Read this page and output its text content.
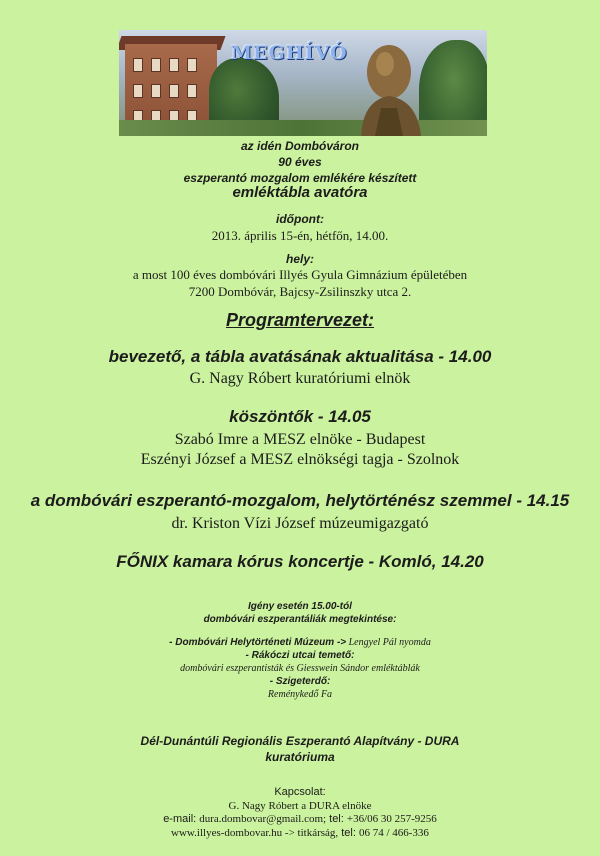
MEGHÍVÓ
az idén Dombóváron
90 éves
eszperantó mozgalom emlékére készített
emléktábla avatóra
időpont:
2013. április 15-én, hétfőn, 14.00.
hely:
a most 100 éves dombóvári Illyés Gyula Gimnázium épületében
7200 Dombóvár, Bajcsy-Zsilinszky utca 2.
Programtervezet:
bevezető, a tábla avatásának aktualitása - 14.00
G. Nagy Róbert kuratóriumi elnök
köszöntők - 14.05
Szabó Imre a MESZ elnöke - Budapest
Eszényi József a MESZ elnökségi tagja - Szolnok
a dombóvári eszperantó-mozgalom, helytörténész szemmel - 14.15
dr. Kriston Vízi József múzeumigazgató
FŐNIX kamara kórus koncertje - Komló, 14.20
Igény esetén 15.00-tól
dombóvári eszperantáliák megtekintése:
- Dombóvári Helytörténeti Múzeum -> Lengyel Pál nyomda
- Rákóczi utcai temető:
dombóvári eszperantisták és Giesswein Sándor emléktáblák
- Szigeterdő:
Reménykedő Fa
Dél-Dunántúli Regionális Eszperantó Alapítvány - DURA
kuratóriuma
Kapcsolat:
G. Nagy Róbert a DURA elnöke
e-mail: dura.dombovar@gmail.com; tel: +36/06 30 257-9256
www.illyes-dombovar.hu -> titkárság, tel: 06 74 / 466-336
